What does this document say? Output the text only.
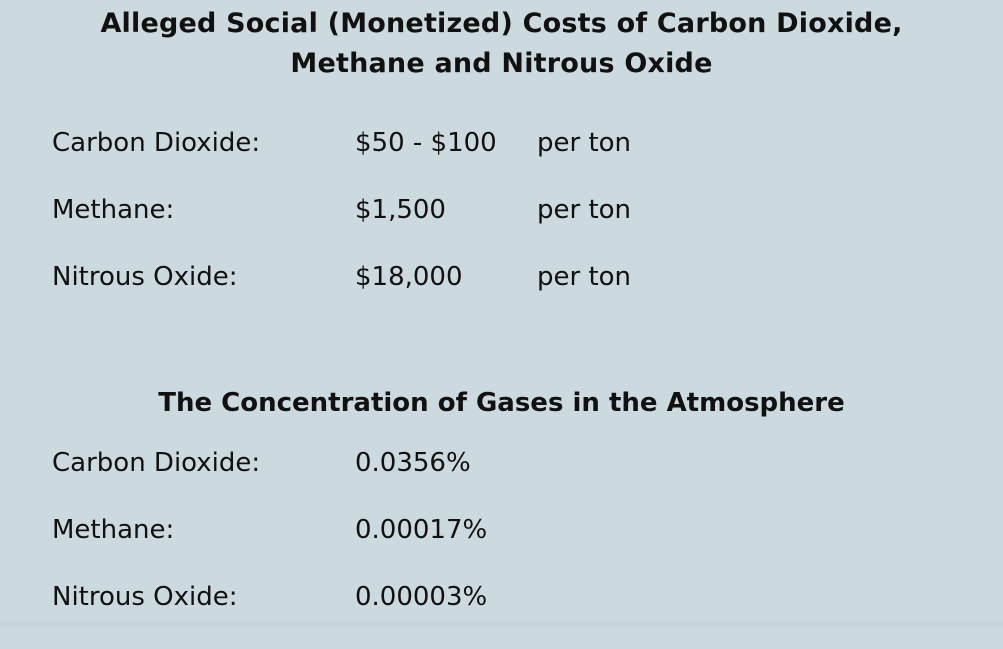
Alleged Social (Monetized) Costs of Carbon Dioxide,
Methane and Nitrous Oxide
Carbon Dioxide:	$50 - $100	per ton
Methane:	$1,500	per ton
Nitrous Oxide:	$18,000	per ton
The Concentration of Gases in the Atmosphere
Carbon Dioxide:	0.0356%
Methane:	0.00017%
Nitrous Oxide:	0.00003%
